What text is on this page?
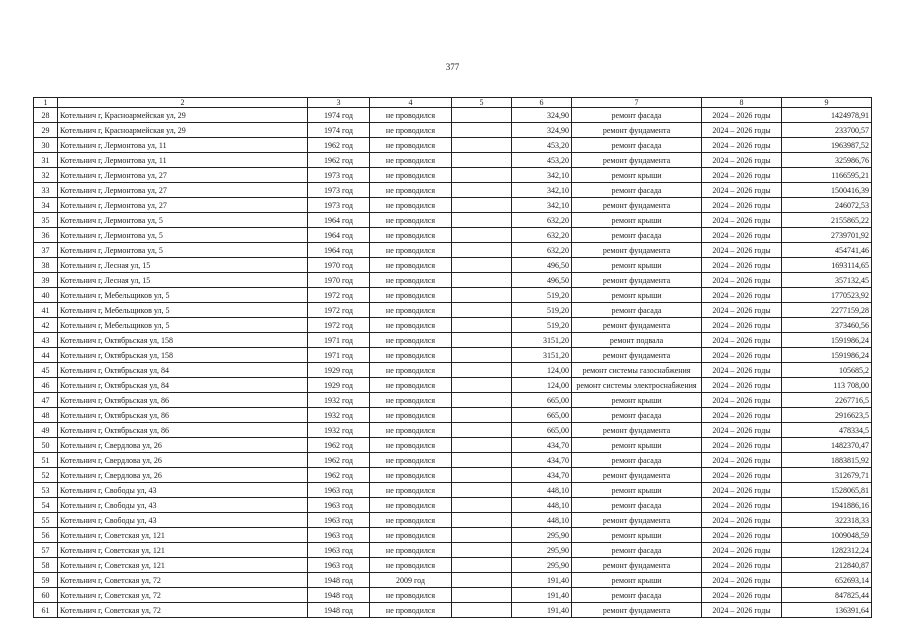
377
1	2	3	4	5	6	7	8	9
28	Котельнич г, Красноармейская ул, 29	1974 год	не проводился		324,90	ремонт фасада	2024 – 2026 годы	1424978,91
29	Котельнич г, Красноармейская ул, 29	1974 год	не проводился		324,90	ремонт фундамента	2024 – 2026 годы	233700,57
30	Котельнич г, Лермонтова ул, 11	1962 год	не проводился		453,20	ремонт фасада	2024 – 2026 годы	1963987,52
31	Котельнич г, Лермонтова ул, 11	1962 год	не проводился		453,20	ремонт фундамента	2024 – 2026 годы	325986,76
32	Котельнич г, Лермонтова ул, 27	1973 год	не проводился		342,10	ремонт крыши	2024 – 2026 годы	1166595,21
33	Котельнич г, Лермонтова ул, 27	1973 год	не проводился		342,10	ремонт фасада	2024 – 2026 годы	1500416,39
34	Котельнич г, Лермонтова ул, 27	1973 год	не проводился		342,10	ремонт фундамента	2024 – 2026 годы	246072,53
35	Котельнич г, Лермонтова ул, 5	1964 год	не проводился		632,20	ремонт крыши	2024 – 2026 годы	2155865,22
36	Котельнич г, Лермонтова ул, 5	1964 год	не проводился		632,20	ремонт фасада	2024 – 2026 годы	2739701,92
37	Котельнич г, Лермонтова ул, 5	1964 год	не проводился		632,20	ремонт фундамента	2024 – 2026 годы	454741,46
38	Котельнич г, Лесная ул, 15	1970 год	не проводился		496,50	ремонт крыши	2024 – 2026 годы	1693114,65
39	Котельнич г, Лесная ул, 15	1970 год	не проводился		496,50	ремонт фундамента	2024 – 2026 годы	357132,45
40	Котельнич г, Мебельщиков ул, 5	1972 год	не проводился		519,20	ремонт крыши	2024 – 2026 годы	1770523,92
41	Котельнич г, Мебельщиков ул, 5	1972 год	не проводился		519,20	ремонт фасада	2024 – 2026 годы	2277159,28
42	Котельнич г, Мебельщиков ул, 5	1972 год	не проводился		519,20	ремонт фундамента	2024 – 2026 годы	373460,56
43	Котельнич г, Октябрьская ул, 158	1971 год	не проводился		3151,20	ремонт подвала	2024 – 2026 годы	1591986,24
44	Котельнич г, Октябрьская ул, 158	1971 год	не проводился		3151,20	ремонт фундамента	2024 – 2026 годы	1591986,24
45	Котельнич г, Октябрьская ул, 84	1929 год	не проводился		124,00	ремонт системы газоснабжения	2024 – 2026 годы	105685,2
46	Котельнич г, Октябрьская ул, 84	1929 год	не проводился		124,00	ремонт системы электроснабжения	2024 – 2026 годы	113 708,00
47	Котельнич г, Октябрьская ул, 86	1932 год	не проводился		665,00	ремонт крыши	2024 – 2026 годы	2267716,5
48	Котельнич г, Октябрьская ул, 86	1932 год	не проводился		665,00	ремонт фасада	2024 – 2026 годы	2916623,5
49	Котельнич г, Октябрьская ул, 86	1932 год	не проводился		665,00	ремонт фундамента	2024 – 2026 годы	478334,5
50	Котельнич г, Свердлова ул, 26	1962 год	не проводился		434,70	ремонт крыши	2024 – 2026 годы	1482370,47
51	Котельнич г, Свердлова ул, 26	1962 год	не проводился		434,70	ремонт фасада	2024 – 2026 годы	1883815,92
52	Котельнич г, Свердлова ул, 26	1962 год	не проводился		434,70	ремонт фундамента	2024 – 2026 годы	312679,71
53	Котельнич г, Свободы ул, 43	1963 год	не проводился		448,10	ремонт крыши	2024 – 2026 годы	1528065,81
54	Котельнич г, Свободы ул, 43	1963 год	не проводился		448,10	ремонт фасада	2024 – 2026 годы	1941886,16
55	Котельнич г, Свободы ул, 43	1963 год	не проводился		448,10	ремонт фундамента	2024 – 2026 годы	322318,33
56	Котельнич г, Советская ул, 121	1963 год	не проводился		295,90	ремонт крыши	2024 – 2026 годы	1009048,59
57	Котельнич г, Советская ул, 121	1963 год	не проводился		295,90	ремонт фасада	2024 – 2026 годы	1282312,24
58	Котельнич г, Советская ул, 121	1963 год	не проводился		295,90	ремонт фундамента	2024 – 2026 годы	212840,87
59	Котельнич г, Советская ул, 72	1948 год	2009 год		191,40	ремонт крыши	2024 – 2026 годы	652693,14
60	Котельнич г, Советская ул, 72	1948 год	не проводился		191,40	ремонт фасада	2024 – 2026 годы	847825,44
61	Котельнич г, Советская ул, 72	1948 год	не проводился		191,40	ремонт фундамента	2024 – 2026 годы	136391,64
